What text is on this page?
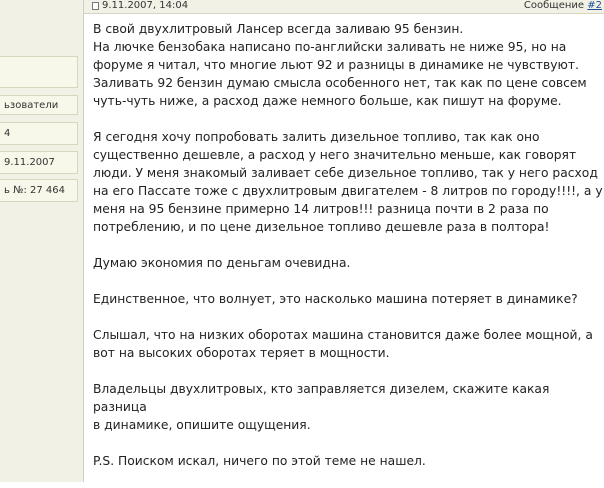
ьзователи
4
9.11.2007
ь №: 27 464
9.11.2007, 14:04	Сообщение #2

В свой двухлитровый Лансер всегда заливаю 95 бензин.
На лючке бензобака написано по-английски заливать не ниже 95, но на
форуме я читал, что многие льют 92 и разницы в динамике не чувствуют.
Заливать 92 бензин думаю смысла особенного нет, так как по цене совсем
чуть-чуть ниже, а расход даже немного больше, как пишут на форуме.

Я сегодня хочу попробовать залить дизельное топливо, так как оно
существенно дешевле, а расход у него значительно меньше, как говорят
люди. У меня знакомый заливает себе дизельное топливо, так у него расход
на его Пассате тоже с двухлитровым двигателем - 8 литров по городу!!!!, а у
меня на 95 бензине примерно 14 литров!!! разница почти в 2 раза по
потреблению, и по цене дизельное топливо дешевле раза в полтора!

Думаю экономия по деньгам очевидна.

Единственное, что волнует, это насколько машина потеряет в динамике?

Слышал, что на низких оборотах машина становится даже более мощной, а
вот на высоких оборотах теряет в мощности.

Владельцы двухлитровых, кто заправляется дизелем, скажите какая разница
в динамике, опишите ощущения.

P.S. Поиском искал, ничего по этой теме не нашел.
